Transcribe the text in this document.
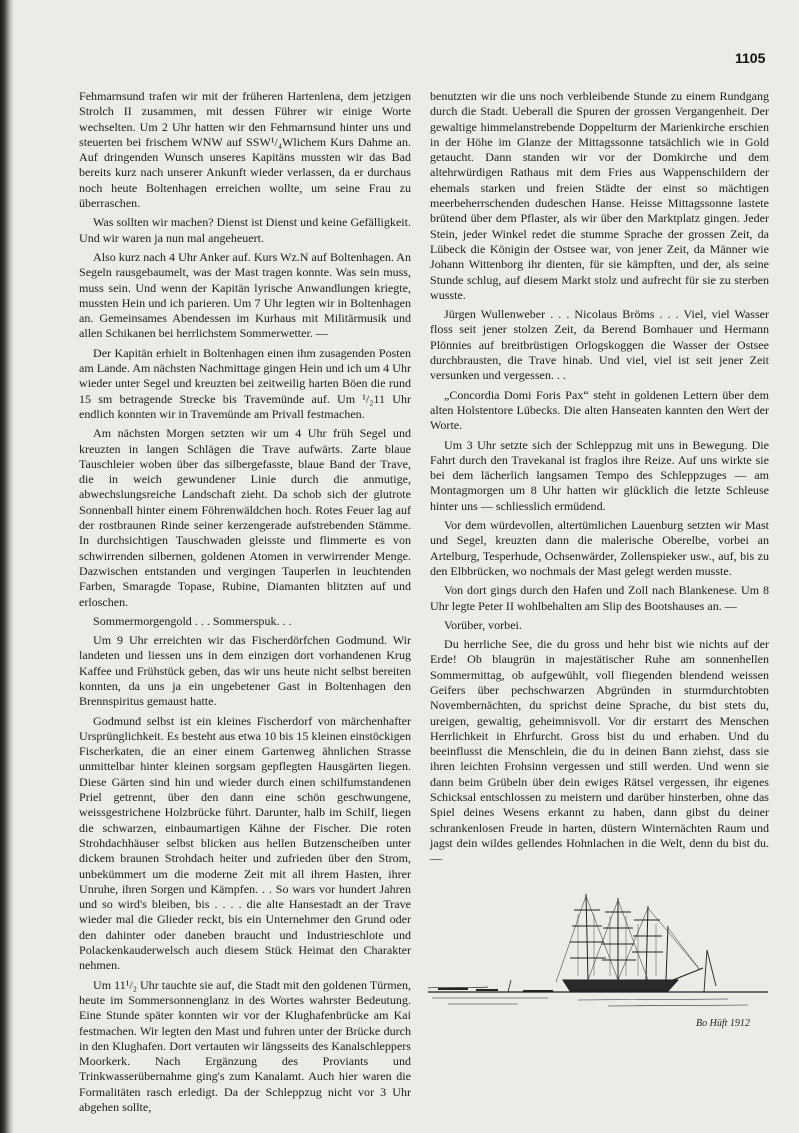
1105

Fehmarnsund trafen wir mit der früheren Hartenlena, dem jetzigen Strolch II zusammen, mit dessen Führer wir einige Worte wechselten. Um 2 Uhr hatten wir den Fehmarnsund hinter uns und steuerten bei frischem WNW auf SSW¹/₄Wlichem Kurs Dahme an. Auf dringenden Wunsch unseres Kapitäns mussten wir das Bad bereits kurz nach unserer Ankunft wieder verlassen, da er durchaus noch heute Boltenhagen erreichen wollte, um seine Frau zu überraschen.

Was sollten wir machen? Dienst ist Dienst und keine Gefälligkeit. Und wir waren ja nun mal angeheuert.

Also kurz nach 4 Uhr Anker auf. Kurs Wz.N auf Boltenhagen. An Segeln rausgebaumelt, was der Mast tragen konnte. Was sein muss, muss sein. Und wenn der Kapitän lyrische Anwandlungen kriegte, mussten Hein und ich parieren. Um 7 Uhr legten wir in Boltenhagen an. Gemeinsames Abendessen im Kurhaus mit Militärmusik und allen Schikanen bei herrlichstem Sommerwetter. —

Der Kapitän erhielt in Boltenhagen einen ihm zusagenden Posten am Lande. Am nächsten Nachmittage gingen Hein und ich um 4 Uhr wieder unter Segel und kreuzten bei zeitweilig harten Böen die rund 15 sm betragende Strecke bis Travemünde auf. Um ¹/₂11 Uhr endlich konnten wir in Travemünde am Privall festmachen.

Am nächsten Morgen setzten wir um 4 Uhr früh Segel und kreuzten in langen Schlägen die Trave aufwärts. Zarte blaue Tauschleier woben über das silbergefasste, blaue Band der Trave, die in weich gewundener Linie durch die anmutige, abwechslungsreiche Landschaft zieht. Da schob sich der glutrote Sonnenball hinter einem Föhrenwäldchen hoch. Rotes Feuer lag auf der rostbraunen Rinde seiner kerzengerade aufstrebenden Stämme. In durchsichtigen Tauschwaden gleisste und flimmerte es von schwirrenden silbernen, goldenen Atomen in verwirrender Menge. Dazwischen entstanden und vergingen Tauperlen in leuchtenden Farben, Smaragde Topase, Rubine, Diamanten blitzten auf und erloschen.

Sommermorgengold . . . Sommerspuk. . .

Um 9 Uhr erreichten wir das Fischerdörfchen Godmund. Wir landeten und liessen uns in dem einzigen dort vorhandenen Krug Kaffee und Frühstück geben, das wir uns heute nicht selbst bereiten konnten, da uns ja ein ungebetener Gast in Boltenhagen den Brennspiritus gemaust hatte.

Godmund selbst ist ein kleines Fischerdorf von märchenhafter Ursprünglichkeit. Es besteht aus etwa 10 bis 15 kleinen einstöckigen Fischerkaten, die an einer einem Gartenweg ähnlichen Strasse unmittelbar hinter kleinen sorgsam gepflegten Hausgärten liegen. Diese Gärten sind hin und wieder durch einen schilfumstandenen Priel getrennt, über den dann eine schön geschwungene, weissgestrichene Holzbrücke führt. Darunter, halb im Schilf, liegen die schwarzen, einbaumartigen Kähne der Fischer. Die roten Strohdachhäuser selbst blicken aus hellen Butzenscheiben unter dickem braunen Strohdach heiter und zufrieden über den Strom, unbekümmert um die moderne Zeit mit all ihrem Hasten, ihrer Unruhe, ihren Sorgen und Kämpfen. . . So wars vor hundert Jahren und so wird's bleiben, bis . . . . die alte Hansestadt an der Trave wieder mal die Glieder reckt, bis ein Unternehmer den Grund oder den dahinter oder daneben braucht und Industrieschlote und Polackenkauderwelsch auch diesem Stück Heimat den Charakter nehmen.

Um 11¹/₂ Uhr tauchte sie auf, die Stadt mit den goldenen Türmen, heute im Sommersonnenglanz in des Wortes wahrster Bedeutung. Eine Stunde später konnten wir vor der Klughafenbrücke am Kai festmachen. Wir legten den Mast und fuhren unter der Brücke durch in den Klughafen. Dort vertauten wir längsseits des Kanalschleppers Moorkerk. Nach Ergänzung des Proviants und Trinkwasserübernahme ging's zum Kanalamt. Auch hier waren die Formalitäten rasch erledigt. Da der Schleppzug nicht vor 3 Uhr abgehen sollte,

benutzten wir die uns noch verbleibende Stunde zu einem Rundgang durch die Stadt. Ueberall die Spuren der grossen Vergangenheit. Der gewaltige himmelanstrebende Doppelturm der Marienkirche erschien in der Höhe im Glanze der Mittagssonne tatsächlich wie in Gold getaucht. Dann standen wir vor der Domkirche und dem altehrwürdigen Rathaus mit dem Fries aus Wappenschildern der ehemals starken und freien Städte der einst so mächtigen meerbeherrschenden dudeschen Hanse. Heisse Mittagssonne lastete brütend über dem Pflaster, als wir über den Marktplatz gingen. Jeder Stein, jeder Winkel redet die stumme Sprache der grossen Zeit, da Lübeck die Königin der Ostsee war, von jener Zeit, da Männer wie Johann Wittenborg ihr dienten, für sie kämpften, und der, als seine Stunde schlug, auf diesem Markt stolz und aufrecht für sie zu sterben wusste.

Jürgen Wullenweber . . . Nicolaus Bröms . . . Viel, viel Wasser floss seit jener stolzen Zeit, da Berend Bomhauer und Hermann Plönnies auf breitbrüstigen Orlogskoggen die Wasser der Ostsee durchbrausten, die Trave hinab. Und viel, viel ist seit jener Zeit versunken und vergessen. . .

„Concordia Domi Foris Pax“ steht in goldenen Lettern über dem alten Holstentore Lübecks. Die alten Hanseaten kannten den Wert der Worte.

Um 3 Uhr setzte sich der Schleppzug mit uns in Bewegung. Die Fahrt durch den Travekanal ist fraglos ihre Reize. Auf uns wirkte sie bei dem lächerlich langsamen Tempo des Schleppzuges — am Montagmorgen um 8 Uhr hatten wir glücklich die letzte Schleuse hinter uns — schliesslich ermüdend.

Vor dem würdevollen, altertümlichen Lauenburg setzten wir Mast und Segel, kreuzten dann die malerische Oberelbe, vorbei an Artelburg, Tesperhude, Ochsenwärder, Zollenspieker usw., auf, bis zu den Elbbrücken, wo nochmals der Mast gelegt werden musste.

Von dort gings durch den Hafen und Zoll nach Blankenese. Um 8 Uhr legte Peter II wohlbehalten am Slip des Bootshauses an. —

Vorüber, vorbei.

Du herrliche See, die du gross und hehr bist wie nichts auf der Erde! Ob blaugrün in majestätischer Ruhe am sonnenhellen Sommermittag, ob aufgewühlt, voll fliegenden blendend weissen Geifers über pechschwarzen Abgründen in sturmdurchtobten Novembernächten, du sprichst deine Sprache, du bist stets du, ureigen, gewaltig, geheimnisvoll. Vor dir erstarrt des Menschen Herrlichkeit in Ehrfurcht. Gross bist du und erhaben. Und du beeinflusst die Menschlein, die du in deinen Bann ziehst, dass sie ihren leichten Frohsinn vergessen und still werden. Und wenn sie dann beim Grübeln über dein ewiges Rätsel vergessen, ihr eigenes Schicksal entschlossen zu meistern und darüber hinsterben, ohne das Spiel deines Wesens erkannt zu haben, dann gibst du deiner schrankenlosen Freude in harten, düstern Winternächten Raum und jagst dein wildes gellendes Hohnlachen in die Welt, denn du bist du. —

Bo Hüft 1912
